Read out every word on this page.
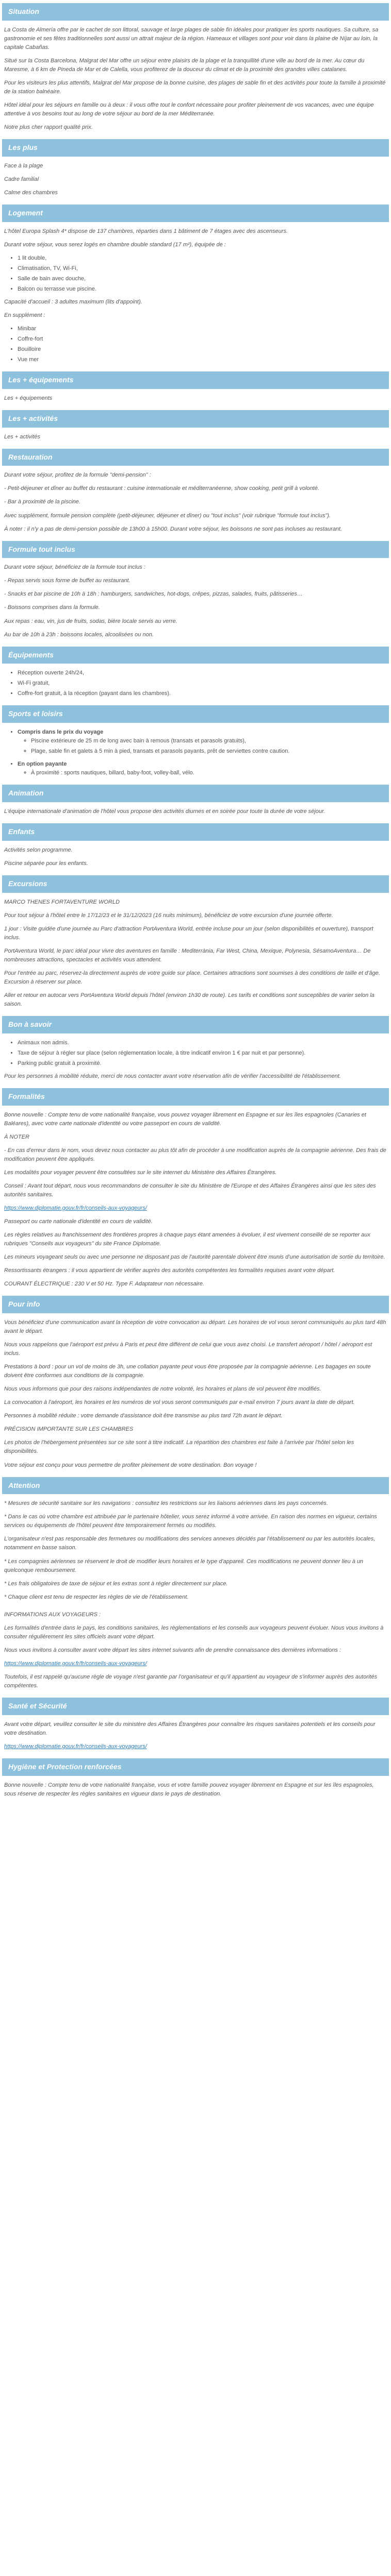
Situation

La Costa de Almería offre par le cachet de son littoral, sauvage et large plages de sable fin idéales pour pratiquer les sports nautiques. Sa culture, sa gastronomie et ses fêtes traditionnelles sont aussi un attrait majeur de la région. Hameaux et villages sont pour voir dans la plaine de Níjar au loin, la capitale Cabañas.

Situé sur la Costa Barcelona, Malgrat del Mar offre un séjour entre plaisirs de la plage et la tranquillité d'une ville au bord de la mer. Au cœur du Maresme, à 6 km de Pineda de Mar et de Calella, vous profiterez de la douceur du climat et de la proximité des grandes villes catalanes.

Pour les visiteurs les plus attentifs, Malgrat del Mar propose de la bonne cuisine, des plages de sable fin et des activités pour toute la famille à proximité de la station balnéaire.

Hôtel idéal pour les séjours en famille ou à deux : il vous offre tout le confort nécessaire pour profiter pleinement de vos vacances, avec une équipe attentive à vos besoins tout au long de votre séjour au bord de la mer Méditerranée.

Notre plus cher rapport qualité prix.

Les plus

Face à la plage

Cadre familial

Calme des chambres

Logement

L'hôtel Europa Splash 4* dispose de 137 chambres, réparties dans 1 bâtiment de 7 étages avec des ascenseurs.

Durant votre séjour, vous serez logés en chambre double standard (17 m²), équipée de :

• 1 lit double,
• Climatisation, TV, Wi-Fi,
• Salle de bain avec douche,
• Balcon ou terrasse vue piscine.

Capacité d'accueil : 3 adultes maximum (lits d'appoint).

En supplément :

• Minibar
• Coffre-fort
• Bouilloire
• Vue mer
Les + équipements

Les + équipements

Les + activités

Les + activités

Restauration

Durant votre séjour, profitez de la formule "demi-pension" :

- Petit-déjeuner et dîner au buffet du restaurant : cuisine internationale et méditerranéenne, show cooking, petit grill à volonté.

- Bar à proximité de la piscine.

Avec supplément, formule pension complète (petit-déjeuner, déjeuner et dîner) ou "tout inclus" (voir rubrique "formule tout inclus").

À noter : il n'y a pas de demi-pension possible de 13h00 à 15h00. Durant votre séjour, les boissons ne sont pas incluses au restaurant.

Formule tout inclus

Durant votre séjour, bénéficiez de la formule tout inclus :

- Repas servis sous forme de buffet au restaurant.

- Snacks et bar piscine de 10h à 18h : hamburgers, sandwiches, hot-dogs, crêpes, pizzas, salades, fruits, pâtisseries…

- Boissons comprises dans la formule.

Aux repas : eau, vin, jus de fruits, sodas, bière locale servis au verre.

Au bar de 10h à 23h : boissons locales, alcoolisées ou non.

Équipements
• Réception ouverte 24h/24,
• Wi-Fi gratuit,
• Coffre-fort gratuit, à la réception (payant dans les chambres).
Sports et loisirs
• Compris dans le prix du voyage
◦ Piscine extérieure de 25 m de long avec bain à remous (transats et parasols gratuits),
◦ Plage, sable fin et galets à 5 min à pied, transats et parasols payants, prêt de serviettes contre caution.
• En option payante
◦ À proximité : sports nautiques, billard, baby-foot, volley-ball, vélo.
Animation

L'équipe internationale d'animation de l'hôtel vous propose des activités diurnes et en soirée pour toute la durée de votre séjour.

Enfants

Activités selon programme.

Piscine séparée pour les enfants.

Excursions

MARCO THENES FORTAVENTURE WORLD

Pour tout séjour à l'hôtel entre le 17/12/23 et le 31/12/2023 (16 nuits minimum), bénéficiez de votre excursion d'une journée offerte.

1 jour : Visite guidée d'une journée au Parc d'attraction PortAventura World, entrée incluse pour un jour (selon disponibilités et ouverture), transport inclus.

PortAventura World, le parc idéal pour vivre des aventures en famille : Mediterrània, Far West, China, Mexique, Polynesia, SésamoAventura… De nombreuses attractions, spectacles et activités vous attendent.

Pour l'entrée au parc, réservez-la directement auprès de votre guide sur place. Certaines attractions sont soumises à des conditions de taille et d'âge. Excursion à réserver sur place.

Aller et retour en autocar vers PortAventura World depuis l'hôtel (environ 1h30 de route). Les tarifs et conditions sont susceptibles de varier selon la saison.

Bon à savoir
• Animaux non admis.
• Taxe de séjour à régler sur place (selon réglementation locale, à titre indicatif environ 1 € par nuit et par personne).
• Parking public gratuit à proximité.

Pour les personnes à mobilité réduite, merci de nous contacter avant votre réservation afin de vérifier l'accessibilité de l'établissement.

Formalités

Bonne nouvelle : Compte tenu de votre nationalité française, vous pouvez voyager librement en Espagne et sur les îles espagnoles (Canaries et Baléares), avec votre carte nationale d'identité ou votre passeport en cours de validité.

À NOTER

- En cas d'erreur dans le nom, vous devez nous contacter au plus tôt afin de procéder à une modification auprès de la compagnie aérienne. Des frais de modification peuvent être appliqués.

Les modalités pour voyager peuvent être consultées sur le site internet du Ministère des Affaires Étrangères.

Conseil : Avant tout départ, nous vous recommandons de consulter le site du Ministère de l'Europe et des Affaires Étrangères ainsi que les sites des autorités sanitaires.

https://www.diplomatie.gouv.fr/fr/conseils-aux-voyageurs/

Passeport ou carte nationale d'identité en cours de validité.

Les règles relatives au franchissement des frontières propres à chaque pays étant amenées à évoluer, il est vivement conseillé de se reporter aux rubriques "Conseils aux voyageurs" du site France Diplomatie.

Les mineurs voyageant seuls ou avec une personne ne disposant pas de l'autorité parentale doivent être munis d'une autorisation de sortie du territoire.

Ressortissants étrangers : il vous appartient de vérifier auprès des autorités compétentes les formalités requises avant votre départ.

COURANT ÉLECTRIQUE : 230 V et 50 Hz. Type F. Adaptateur non nécessaire.

Pour info

Vous bénéficiez d'une communication avant la réception de votre convocation au départ. Les horaires de vol vous seront communiqués au plus tard 48h avant le départ.

Nous vous rappelons que l'aéroport est prévu à Paris et peut être différent de celui que vous avez choisi. Le transfert aéroport / hôtel / aéroport est inclus.

Prestations à bord : pour un vol de moins de 3h, une collation payante peut vous être proposée par la compagnie aérienne. Les bagages en soute doivent être conformes aux conditions de la compagnie.

Nous vous informons que pour des raisons indépendantes de notre volonté, les horaires et plans de vol peuvent être modifiés.

La convocation à l'aéroport, les horaires et les numéros de vol vous seront communiqués par e-mail environ 7 jours avant la date de départ.

Personnes à mobilité réduite : votre demande d'assistance doit être transmise au plus tard 72h avant le départ.

PRÉCISION IMPORTANTE SUR LES CHAMBRES

Les photos de l'hébergement présentées sur ce site sont à titre indicatif. La répartition des chambres est faite à l'arrivée par l'hôtel selon les disponibilités.

Votre séjour est conçu pour vous permettre de profiter pleinement de votre destination. Bon voyage !

Attention

* Mesures de sécurité sanitaire sur les navigations : consultez les restrictions sur les liaisons aériennes dans les pays concernés.

* Dans le cas où votre chambre est attribuée par le partenaire hôtelier, vous serez informé à votre arrivée. En raison des normes en vigueur, certains services ou équipements de l'hôtel peuvent être temporairement fermés ou modifiés.

L'organisateur n'est pas responsable des fermetures ou modifications des services annexes décidés par l'établissement ou par les autorités locales, notamment en basse saison.

* Les compagnies aériennes se réservent le droit de modifier leurs horaires et le type d'appareil. Ces modifications ne peuvent donner lieu à un quelconque remboursement.

* Les frais obligatoires de taxe de séjour et les extras sont à régler directement sur place.

* Chaque client est tenu de respecter les règles de vie de l'établissement.

INFORMATIONS AUX VOYAGEURS :

Les formalités d'entrée dans le pays, les conditions sanitaires, les règlementations et les conseils aux voyageurs peuvent évoluer. Nous vous invitons à consulter régulièrement les sites officiels avant votre départ.

Nous vous invitons à consulter avant votre départ les sites internet suivants afin de prendre connaissance des dernières informations :

https://www.diplomatie.gouv.fr/fr/conseils-aux-voyageurs/

Toutefois, il est rappelé qu'aucune règle de voyage n'est garantie par l'organisateur et qu'il appartient au voyageur de s'informer auprès des autorités compétentes.

Santé et Sécurité

Avant votre départ, veuillez consulter le site du ministère des Affaires Étrangères pour connaître les risques sanitaires potentiels et les conseils pour votre destination.

https://www.diplomatie.gouv.fr/fr/conseils-aux-voyageurs/

Hygiène et Protection renforcées

Bonne nouvelle : Compte tenu de votre nationalité française, vous et votre famille pouvez voyager librement en Espagne et sur les îles espagnoles, sous réserve de respecter les règles sanitaires en vigueur dans le pays de destination.
